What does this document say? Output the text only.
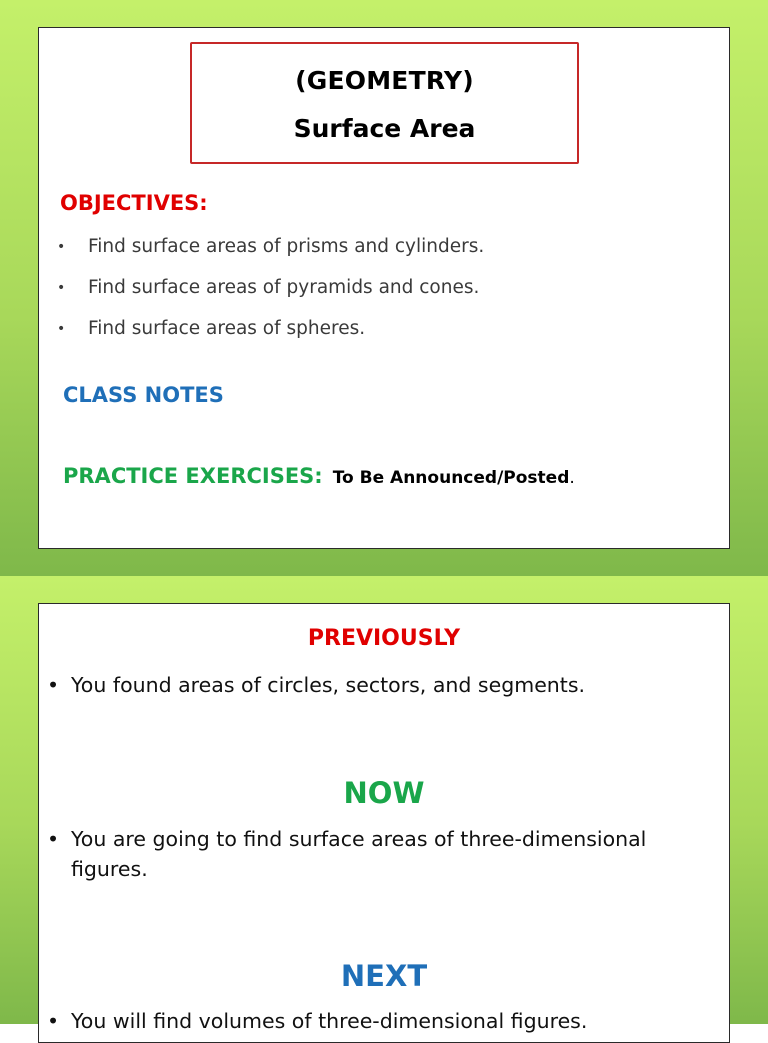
(GEOMETRY)
Surface Area
OBJECTIVES:
• Find surface areas of prisms and cylinders.
• Find surface areas of pyramids and cones.
• Find surface areas of spheres.
CLASS NOTES
PRACTICE EXERCISES: To Be Announced/Posted.
PREVIOUSLY
• You found areas of circles, sectors, and segments.
NOW
• You are going to find surface areas of three-dimensional figures.
NEXT
• You will find volumes of three-dimensional figures.
